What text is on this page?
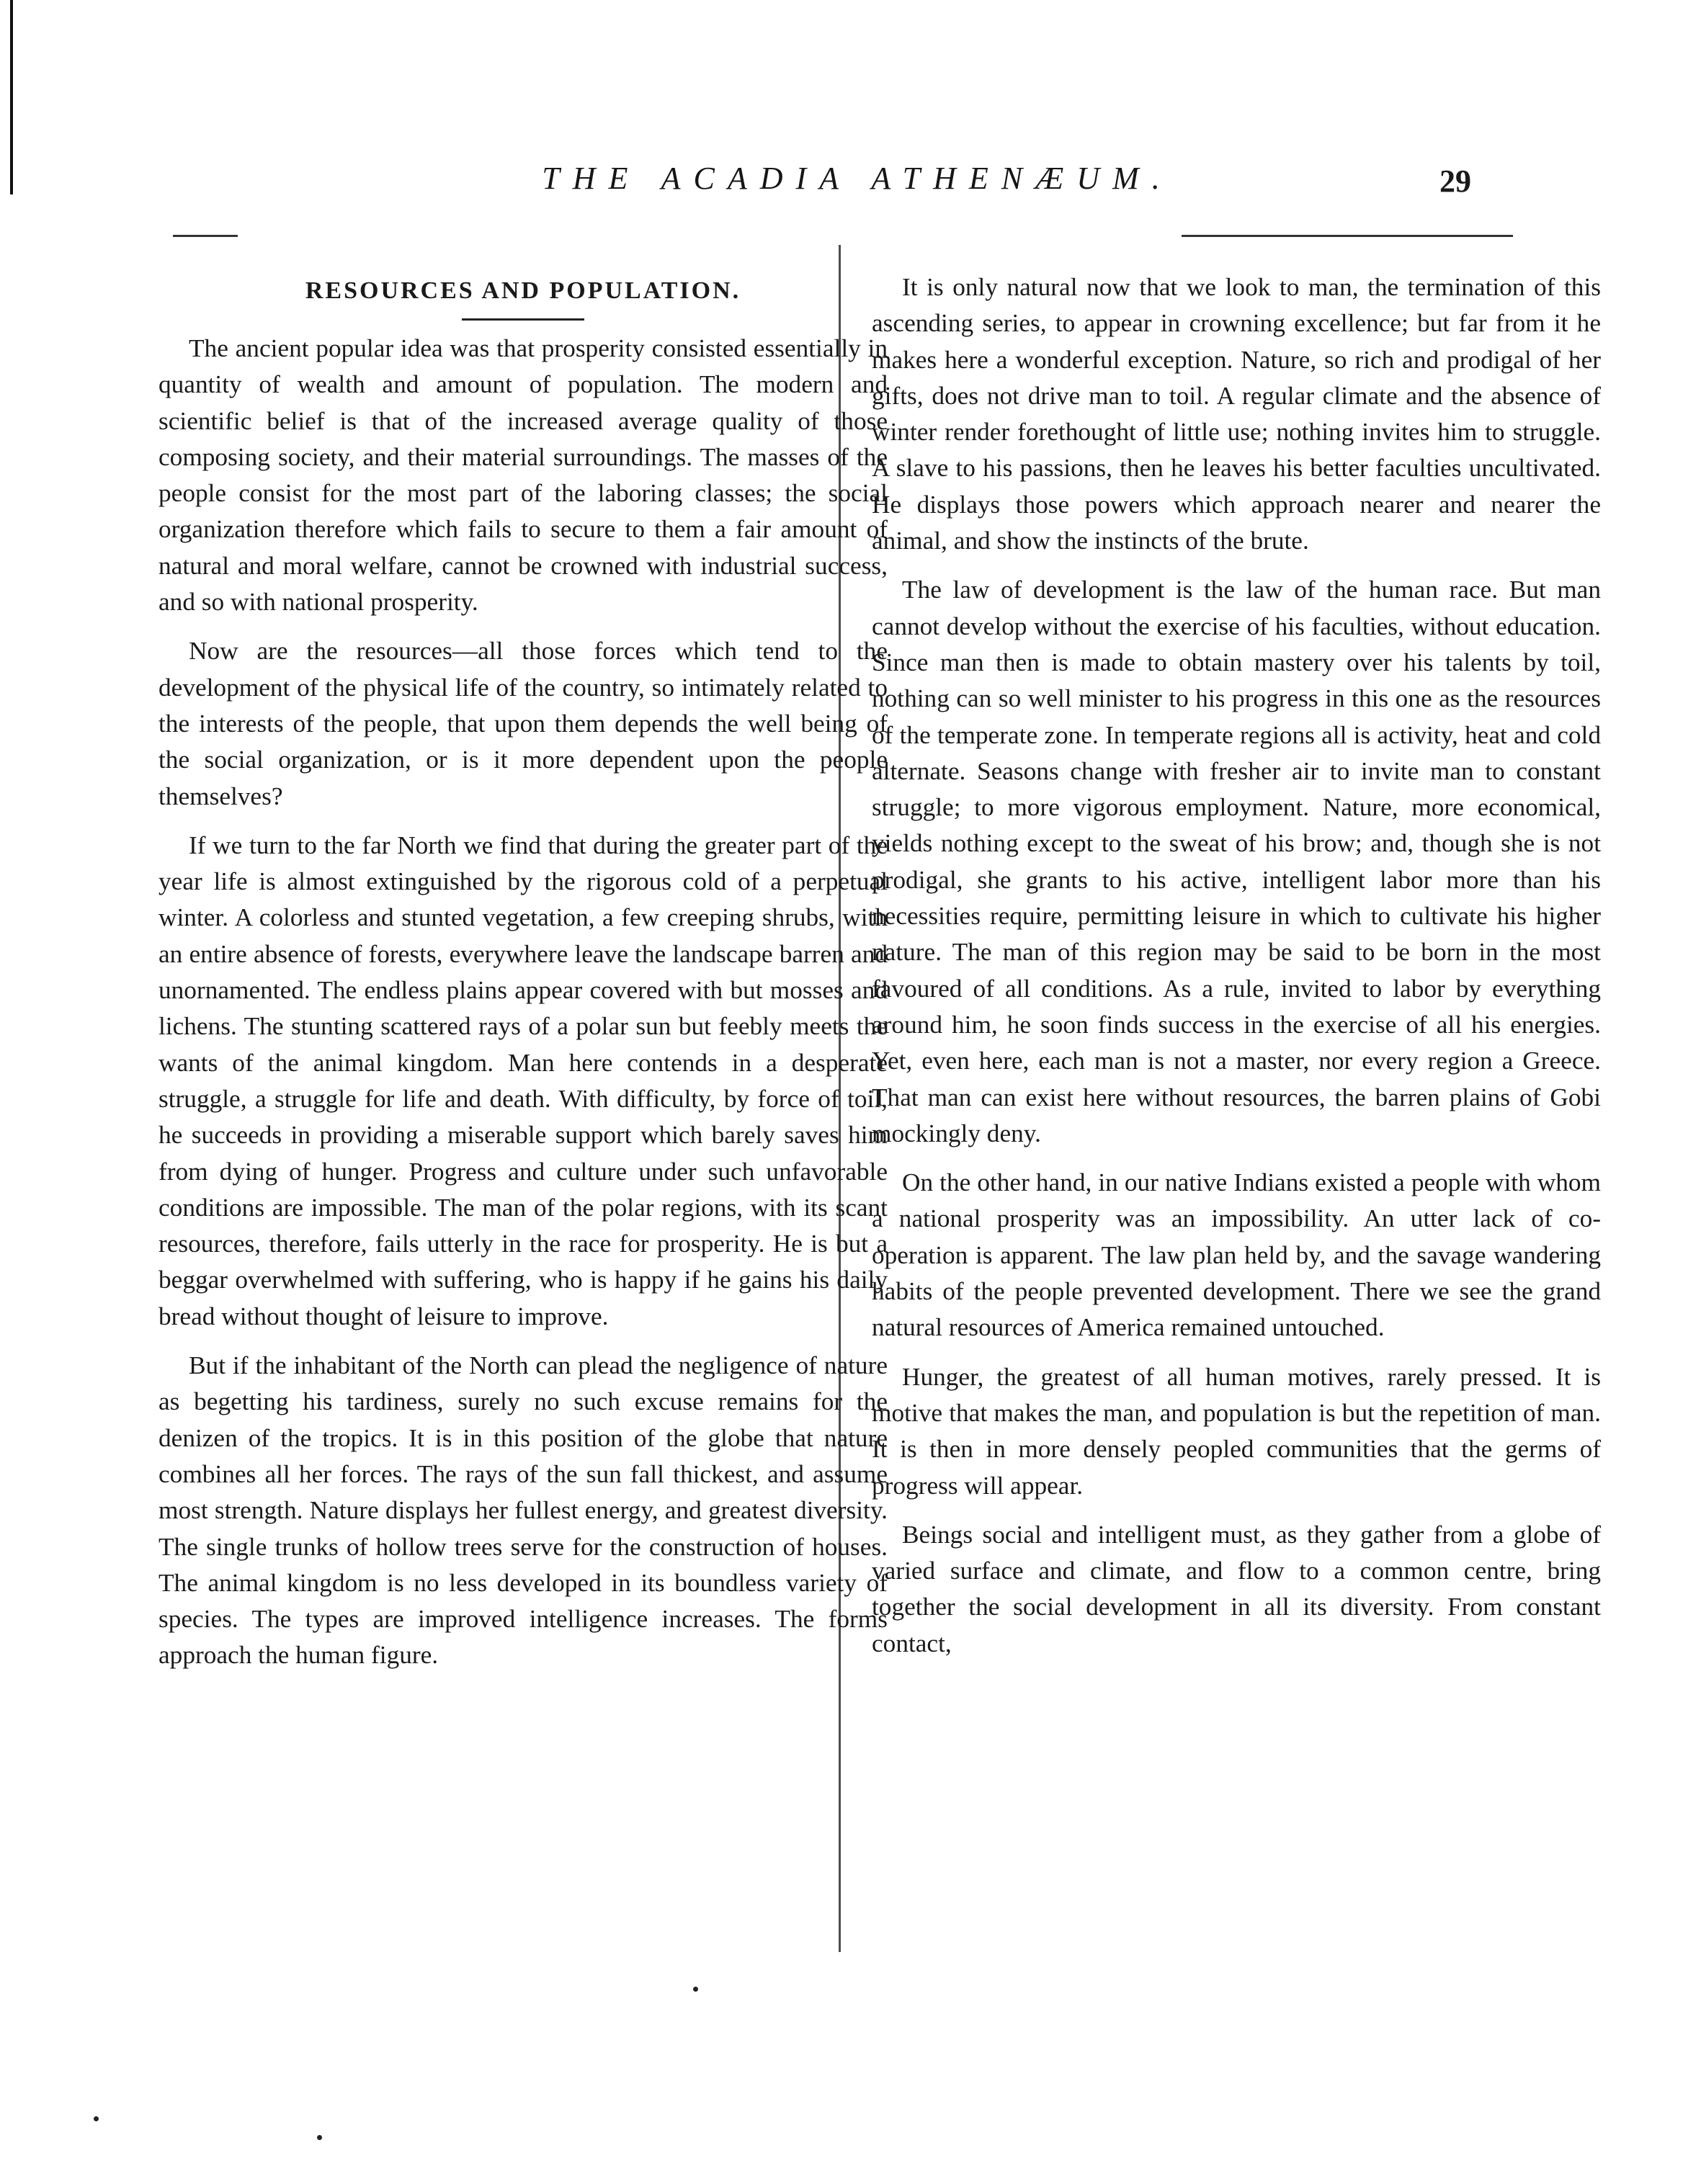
THE ACADIA ATHENÆUM.	29
RESOURCES AND POPULATION.

The ancient popular idea was that prosperity consisted essentially in quantity of wealth and amount of population. The modern and scientific belief is that of the increased average quality of those composing society, and their material surroundings. The masses of the people consist for the most part of the laboring classes; the social organization therefore which fails to secure to them a fair amount of natural and moral welfare, cannot be crowned with industrial success, and so with national prosperity.

Now are the resources—all those forces which tend to the development of the physical life of the country, so intimately related to the interests of the people, that upon them depends the well being of the social organization, or is it more dependent upon the people themselves?

If we turn to the far North we find that during the greater part of the year life is almost extinguished by the rigorous cold of a perpetual winter. A colorless and stunted vegetation, a few creeping shrubs, with an entire absence of forests, everywhere leave the landscape barren and unornamented. The endless plains appear covered with but mosses and lichens. The stunting scattered rays of a polar sun but feebly meets the wants of the animal kingdom. Man here contends in a desperate struggle, a struggle for life and death. With difficulty, by force of toil, he succeeds in providing a miserable support which barely saves him from dying of hunger. Progress and culture under such unfavorable conditions are impossible. The man of the polar regions, with its scant resources, therefore, fails utterly in the race for prosperity. He is but a beggar overwhelmed with suffering, who is happy if he gains his daily bread without thought of leisure to improve.

But if the inhabitant of the North can plead the negligence of nature as begetting his tardiness, surely no such excuse remains for the denizen of the tropics. It is in this position of the globe that nature combines all her forces. The rays of the sun fall thickest, and assume most strength. Nature displays her fullest energy, and greatest diversity. The single trunks of hollow trees serve for the construction of houses. The animal kingdom is no less developed in its boundless variety of species. The types are improved intelligence increases. The forms approach the human figure.

It is only natural now that we look to man, the termination of this ascending series, to appear in crowning excellence; but far from it he makes here a wonderful exception. Nature, so rich and prodigal of her gifts, does not drive man to toil. A regular climate and the absence of winter render forethought of little use; nothing invites him to struggle. A slave to his passions, then he leaves his better faculties uncultivated. He displays those powers which approach nearer and nearer the animal, and show the instincts of the brute.

The law of development is the law of the human race. But man cannot develop without the exercise of his faculties, without education. Since man then is made to obtain mastery over his talents by toil, nothing can so well minister to his progress in this one as the resources of the temperate zone. In temperate regions all is activity, heat and cold alternate. Seasons change with fresher air to invite man to constant struggle; to more vigorous employment. Nature, more economical, yields nothing except to the sweat of his brow; and, though she is not prodigal, she grants to his active, intelligent labor more than his necessities require, permitting leisure in which to cultivate his higher nature. The man of this region may be said to be born in the most favoured of all conditions. As a rule, invited to labor by everything around him, he soon finds success in the exercise of all his energies. Yet, even here, each man is not a master, nor every region a Greece. That man can exist here without resources, the barren plains of Gobi mockingly deny.

On the other hand, in our native Indians existed a people with whom a national prosperity was an impossibility. An utter lack of co-operation is apparent. The law plan held by, and the savage wandering habits of the people prevented development. There we see the grand natural resources of America remained untouched.

Hunger, the greatest of all human motives, rarely pressed. It is motive that makes the man, and population is but the repetition of man. It is then in more densely peopled communities that the germs of progress will appear.

Beings social and intelligent must, as they gather from a globe of varied surface and climate, and flow to a common centre, bring together the social development in all its diversity. From constant contact,
